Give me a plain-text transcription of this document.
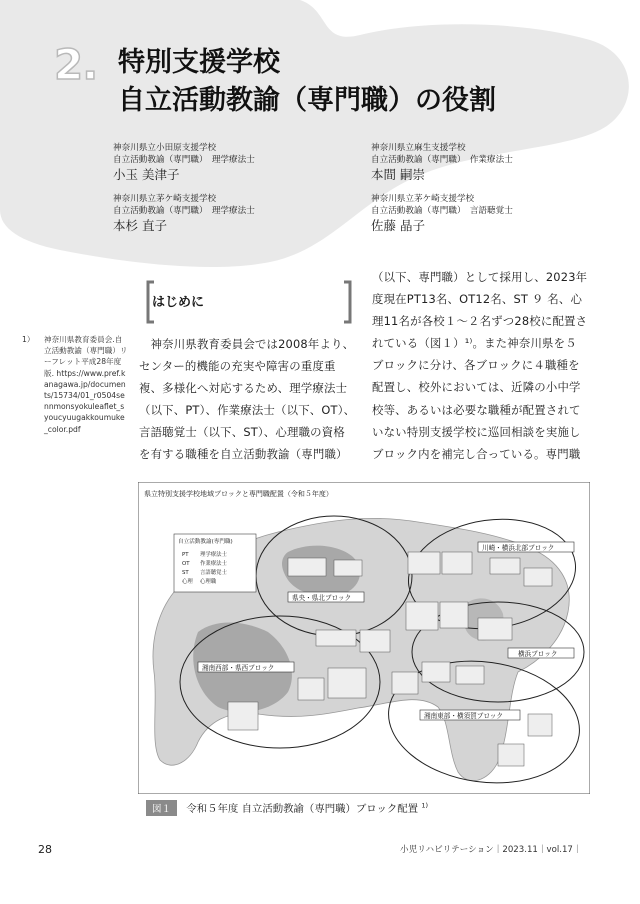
2. 特別支援学校
自立活動教諭（専門職）の役割
神奈川県立小田原支援学校
自立活動教諭（専門職）　理学療法士
小玉 美津子
神奈川県立麻生支援学校
自立活動教諭（専門職）　作業療法士
本間 嗣崇
神奈川県立茅ケ崎支援学校
自立活動教諭（専門職）　理学療法士
本杉 直子
神奈川県立茅ケ崎支援学校
自立活動教諭（専門職）　言語聴覚士
佐藤 晶子
はじめに

　神奈川県教育委員会では2008年より、

センター的機能の充実や障害の重度重

複、多様化へ対応するため、理学療法士

（以下、PT）、作業療法士（以下、OT）、

言語聴覚士（以下、ST）、心理職の資格

を有する職種を自立活動教諭（専門職）

（以下、専門職）として採用し、2023年

度現在PT13名、OT12名、ST ９ 名、心

理11名が各校１～２名ずつ28校に配置さ

れている（図１）¹⁾。また神奈川県を５

ブロックに分け、各ブロックに４職種を

配置し、校外においては、近隣の小中学

校等、あるいは必要な職種が配置されて

いない特別支援学校に巡回相談を実施し

ブロック内を補完し合っている。専門職

1） 神奈川県教育委員会.自立活動教諭（専門職）リーフレット平成28年度版. https://www.pref.kanagawa.jp/documents/15734/01_r0504sennmonsyokuleaflet_syoucyuugakkoumuke_color.pdf
県立特別支援学校地域ブロックと専門職配置（令和５年度）
自立活動教諭(専門職)
PT 理学療法士
OT 作業療法士
ST 言語聴覚士
心理 心理職
川崎・横浜北部ブロック
県央・県北ブロック
横浜ブロック
湘南西部・県西ブロック
湘南東部・横須賀ブロック
図１ 令和５年度 自立活動教諭（専門職）ブロック配置 $^{1)}$
28	小児リハビリテーション｜2023.11｜vol.17｜
